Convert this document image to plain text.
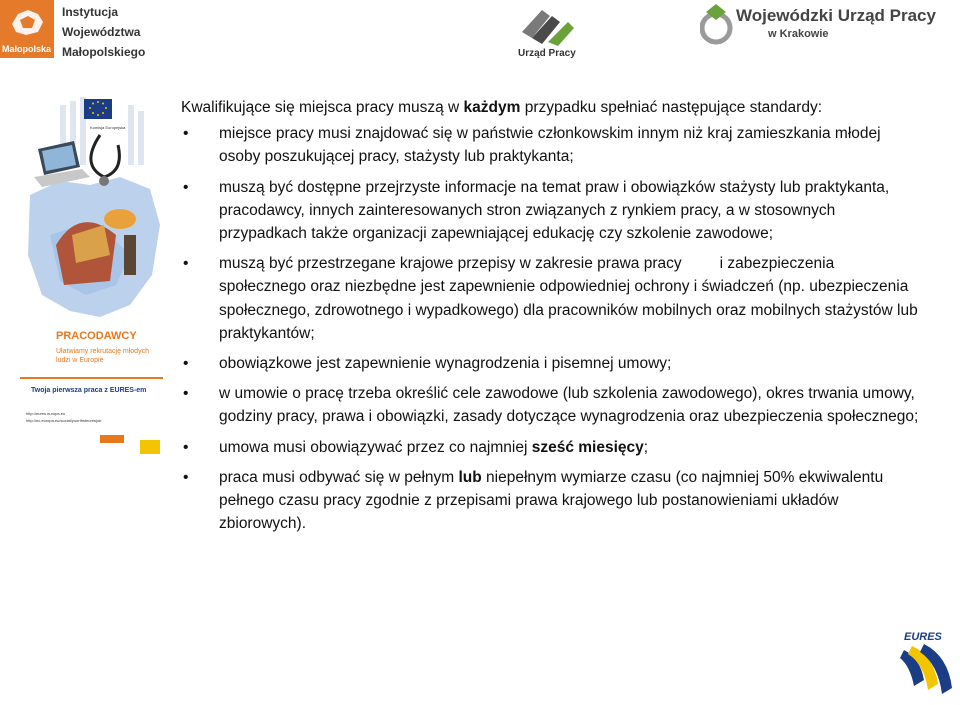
Małopolska
Instytucja
Województwa
Małopolskiego	Urząd Pracy
Wojewódzki Urząd Pracy
w Krakowie
Komisja Europejska
PRACODAWCY
Ułatwiamy rekrutację młodych ludzi w Europie
Twoja pierwsza praca z EURES-em
http://eures.europa.eu
http://ec.europa.eu/social/yourfirsteuresjob
Kwalifikujące się miejsca pracy muszą w każdym przypadku spełniać następujące standardy:
• miejsce pracy musi znajdować się w państwie członkowskim innym niż kraj zamieszkania młodej osoby poszukującej pracy, stażysty lub praktykanta;
• muszą być dostępne przejrzyste informacje na temat praw i obowiązków stażysty lub praktykanta, pracodawcy, innych zainteresowanych stron związanych z rynkiem pracy, a w stosownych przypadkach także organizacji zapewniającej edukację czy szkolenie zawodowe;
• muszą być przestrzegane krajowe przepisy w zakresie prawa pracy i zabezpieczenia społecznego oraz niezbędne jest zapewnienie odpowiedniej ochrony i świadczeń (np. ubezpieczenia społecznego, zdrowotnego i wypadkowego) dla pracowników mobilnych oraz mobilnych stażystów lub praktykantów;
• obowiązkowe jest zapewnienie wynagrodzenia i pisemnej umowy;
• w umowie o pracę trzeba określić cele zawodowe (lub szkolenia zawodowego), okres trwania umowy, godziny pracy, prawa i obowiązki, zasady dotyczące wynagrodzenia oraz ubezpieczenia społecznego;
• umowa musi obowiązywać przez co najmniej sześć miesięcy;
• praca musi odbywać się w pełnym lub niepełnym wymiarze czasu (co najmniej 50% ekwiwalentu pełnego czasu pracy zgodnie z przepisami prawa krajowego lub postanowieniami układów zbiorowych).
EURES
